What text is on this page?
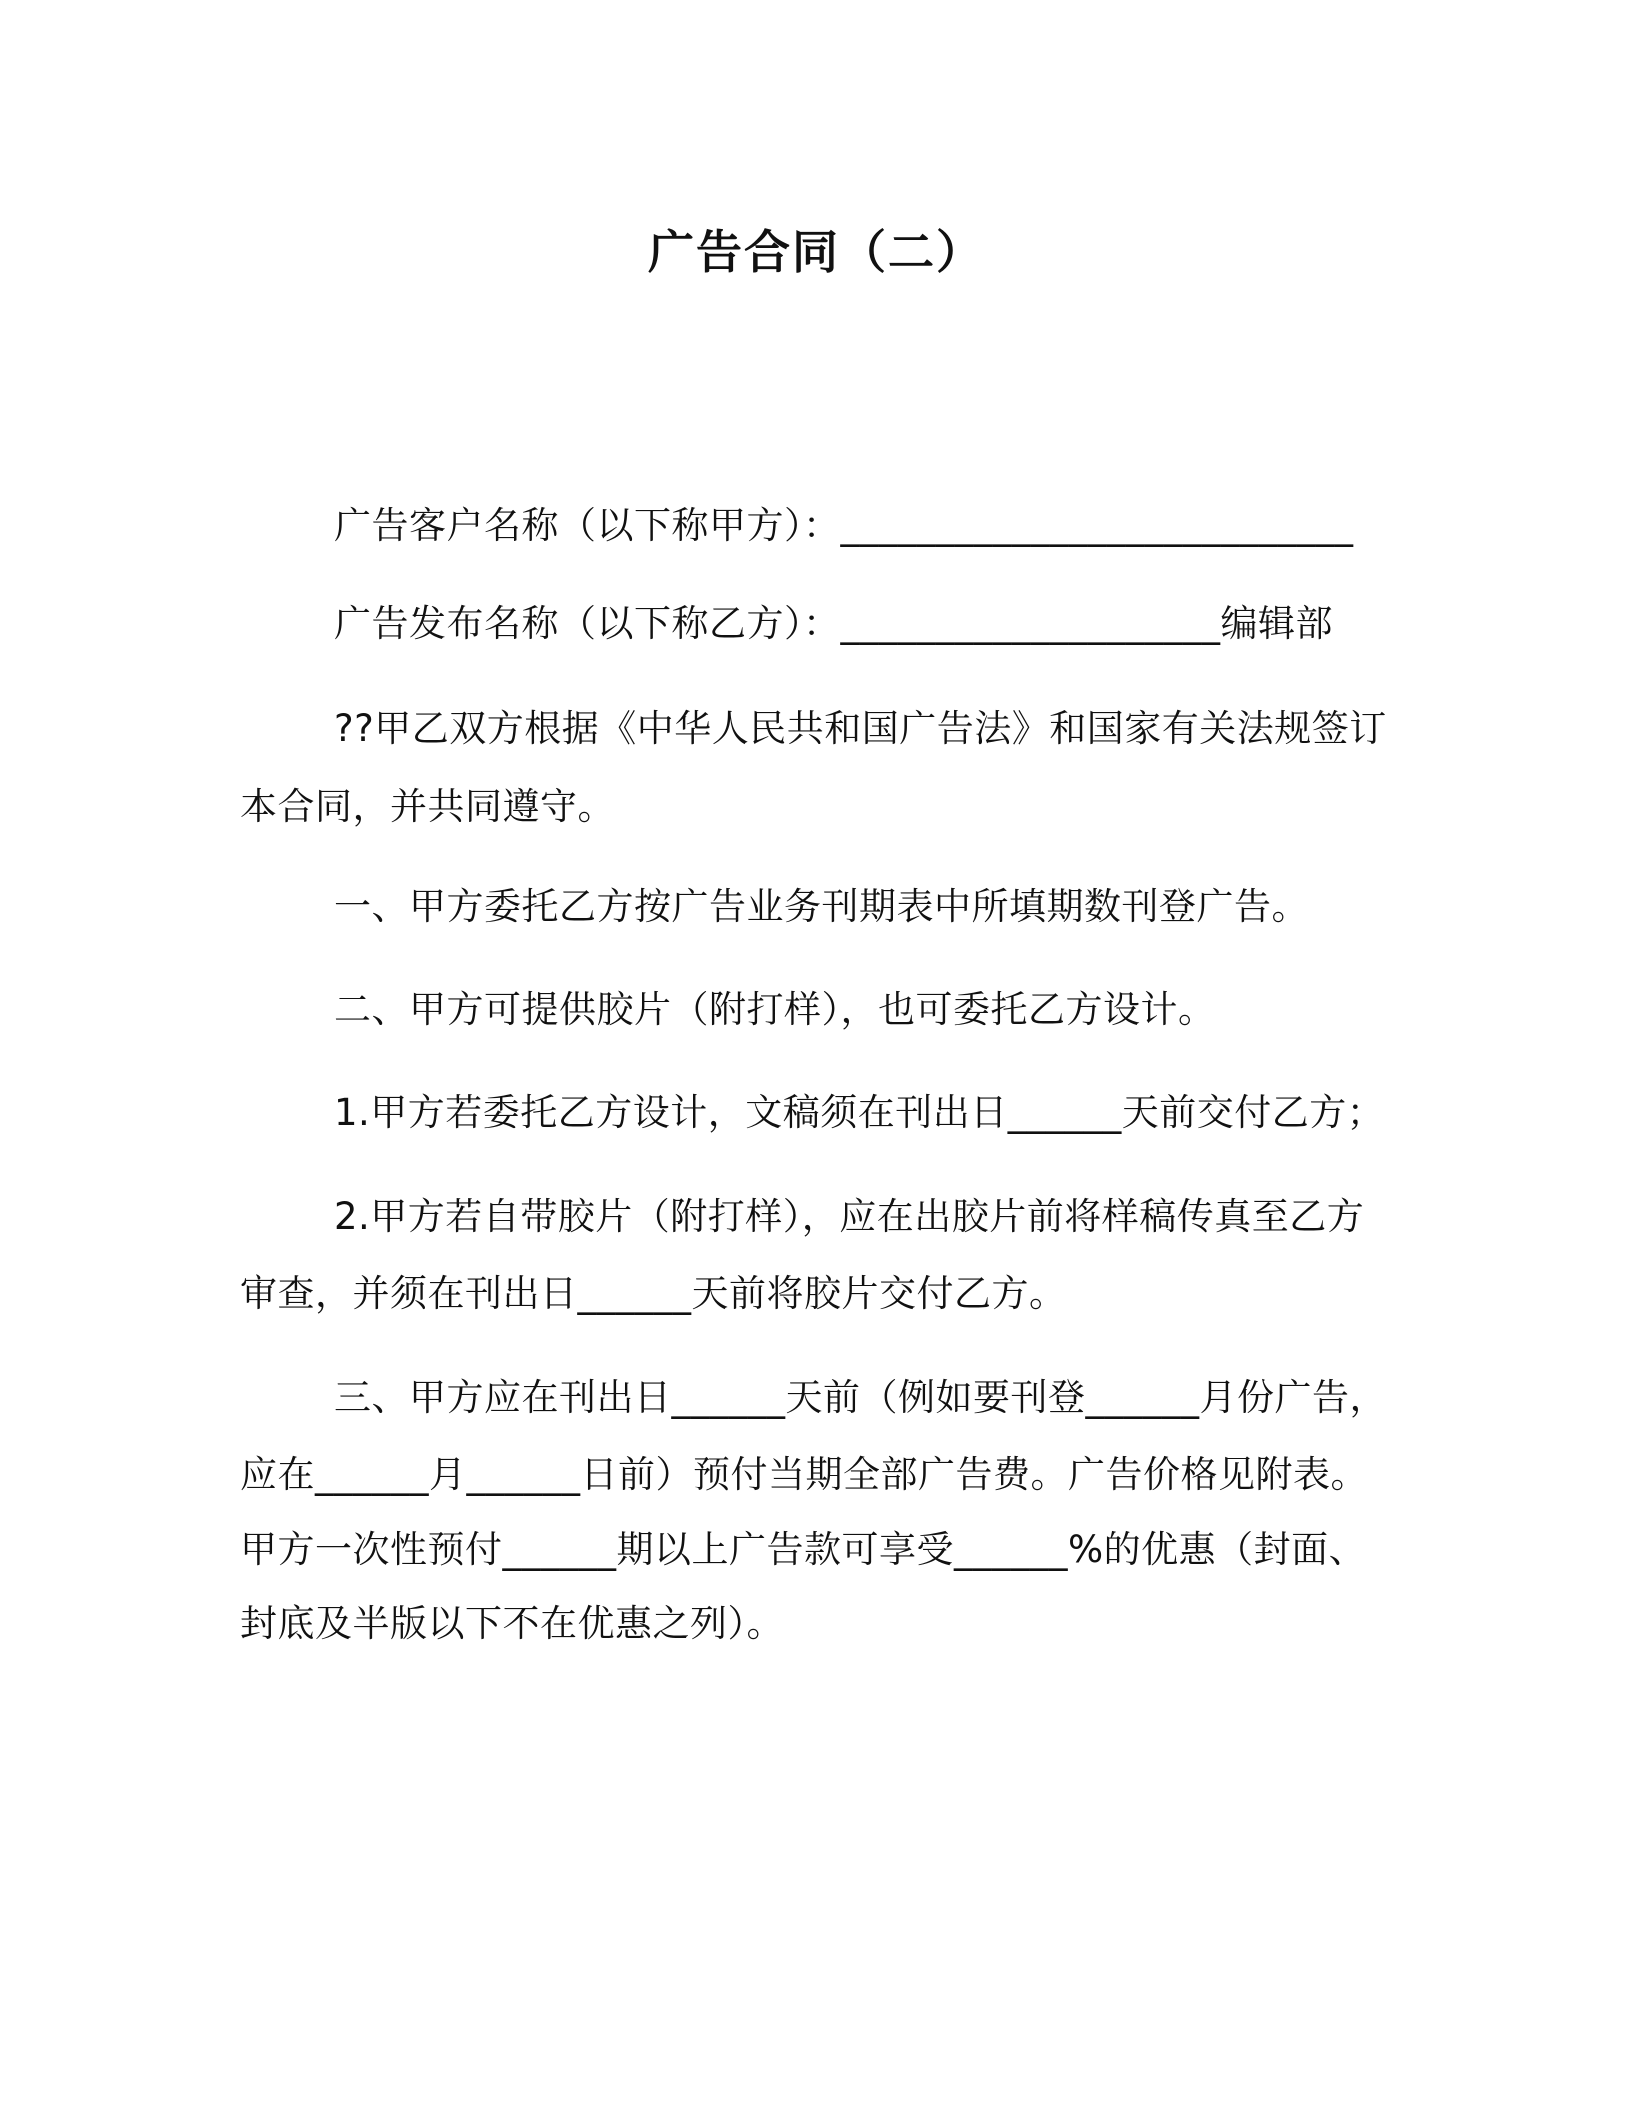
广告合同（二）
广告客户名称（以下称甲方）：___________________________
广告发布名称（以下称乙方）：____________________编辑部
??甲乙双方根据《中华人民共和国广告法》和国家有关法规签订
本合同，并共同遵守。
一、甲方委托乙方按广告业务刊期表中所填期数刊登广告。
二、甲方可提供胶片（附打样），也可委托乙方设计。
1.甲方若委托乙方设计，文稿须在刊出日______天前交付乙方；
2.甲方若自带胶片（附打样），应在出胶片前将样稿传真至乙方
审查，并须在刊出日______天前将胶片交付乙方。
三、甲方应在刊出日______天前（例如要刊登______月份广告，
应在______月______日前）预付当期全部广告费。广告价格见附表。
甲方一次性预付______期以上广告款可享受______%的优惠（封面、
封底及半版以下不在优惠之列）。
